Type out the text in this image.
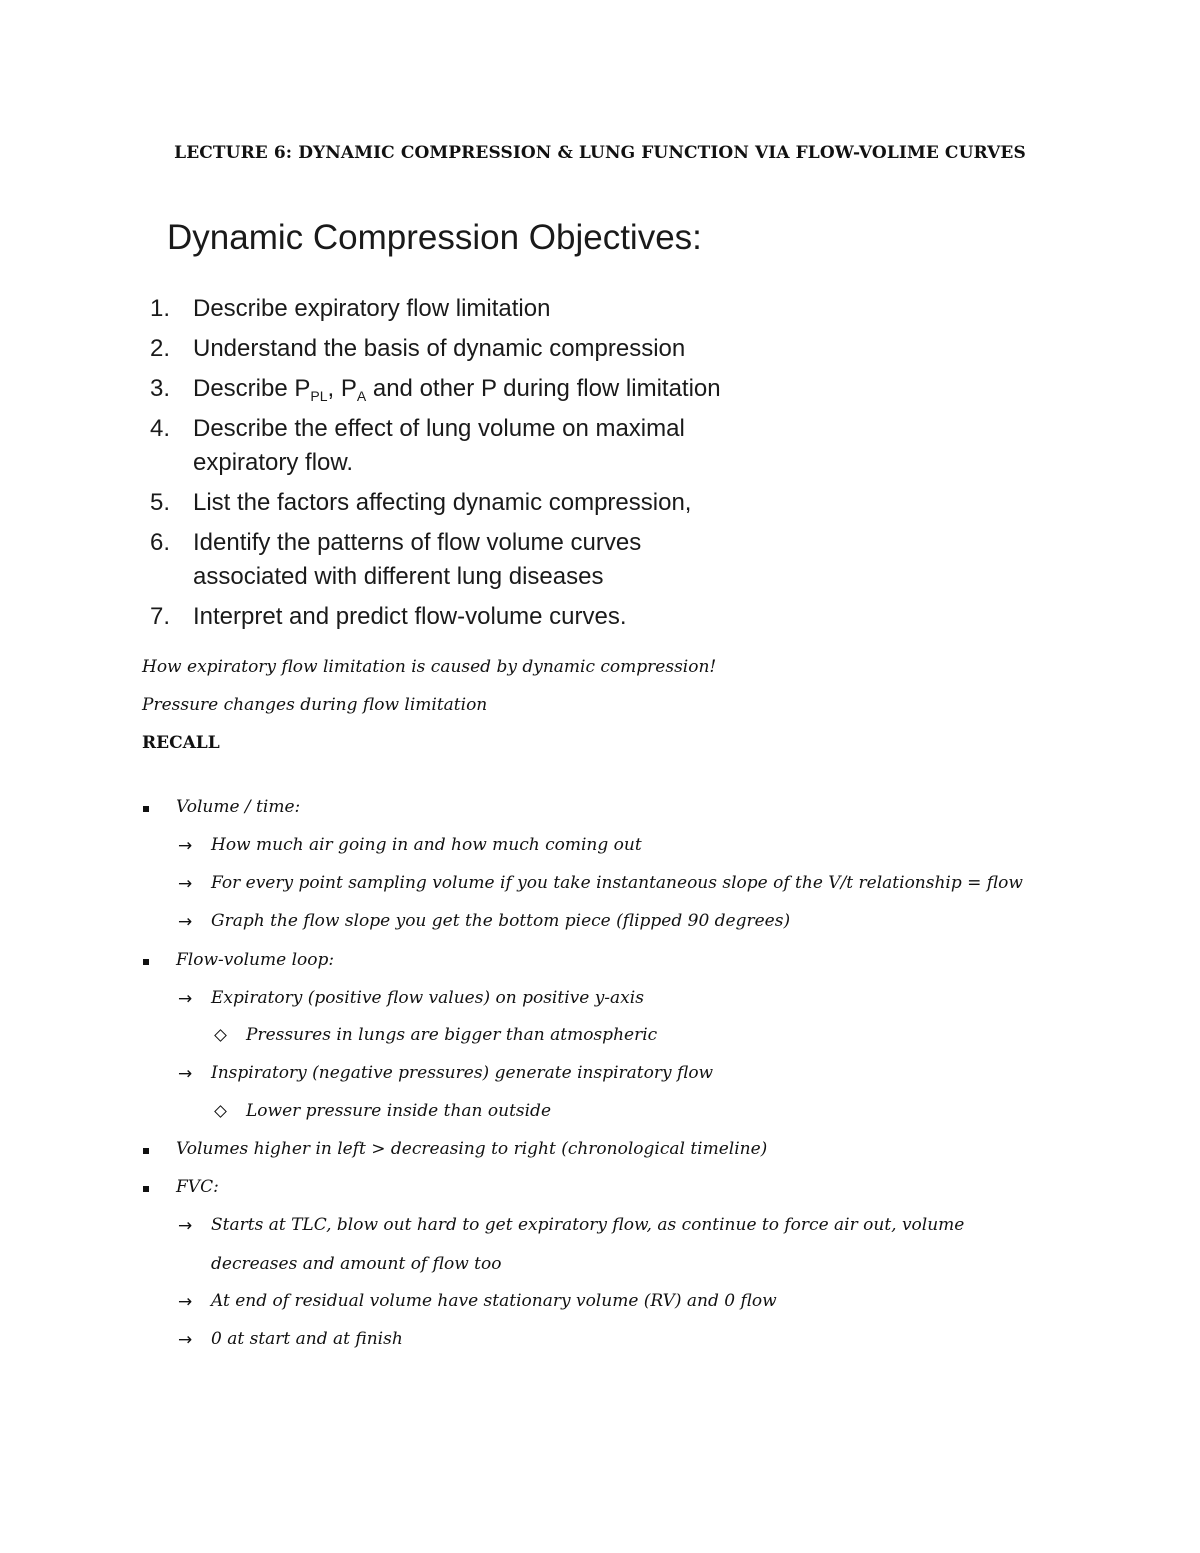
LECTURE 6: DYNAMIC COMPRESSION & LUNG FUNCTION VIA FLOW-VOLIME CURVES
Dynamic Compression Objectives:
1. Describe expiratory flow limitation
2. Understand the basis of dynamic compression
3. Describe $P_{PL}$, $P_A$ and other P during flow limitation
4. Describe the effect of lung volume on maximal
expiratory flow.
5. List the factors affecting dynamic compression,
6. Identify the patterns of flow volume curves
associated with different lung diseases
7. Interpret and predict flow-volume curves.
How expiratory flow limitation is caused by dynamic compression!
Pressure changes during flow limitation
RECALL
Volume / time:
→ How much air going in and how much coming out
→ For every point sampling volume if you take instantaneous slope of the V/t relationship = flow
→ Graph the flow slope you get the bottom piece (flipped 90 degrees)
Flow-volume loop:
→ Expiratory (positive flow values) on positive y-axis
Pressures in lungs are bigger than atmospheric
→ Inspiratory (negative pressures) generate inspiratory flow
Lower pressure inside than outside
Volumes higher in left > decreasing to right (chronological timeline)
FVC:
→ Starts at TLC, blow out hard to get expiratory flow, as continue to force air out, volume
decreases and amount of flow too
→ At end of residual volume have stationary volume (RV) and 0 flow
→ 0 at start and at finish
